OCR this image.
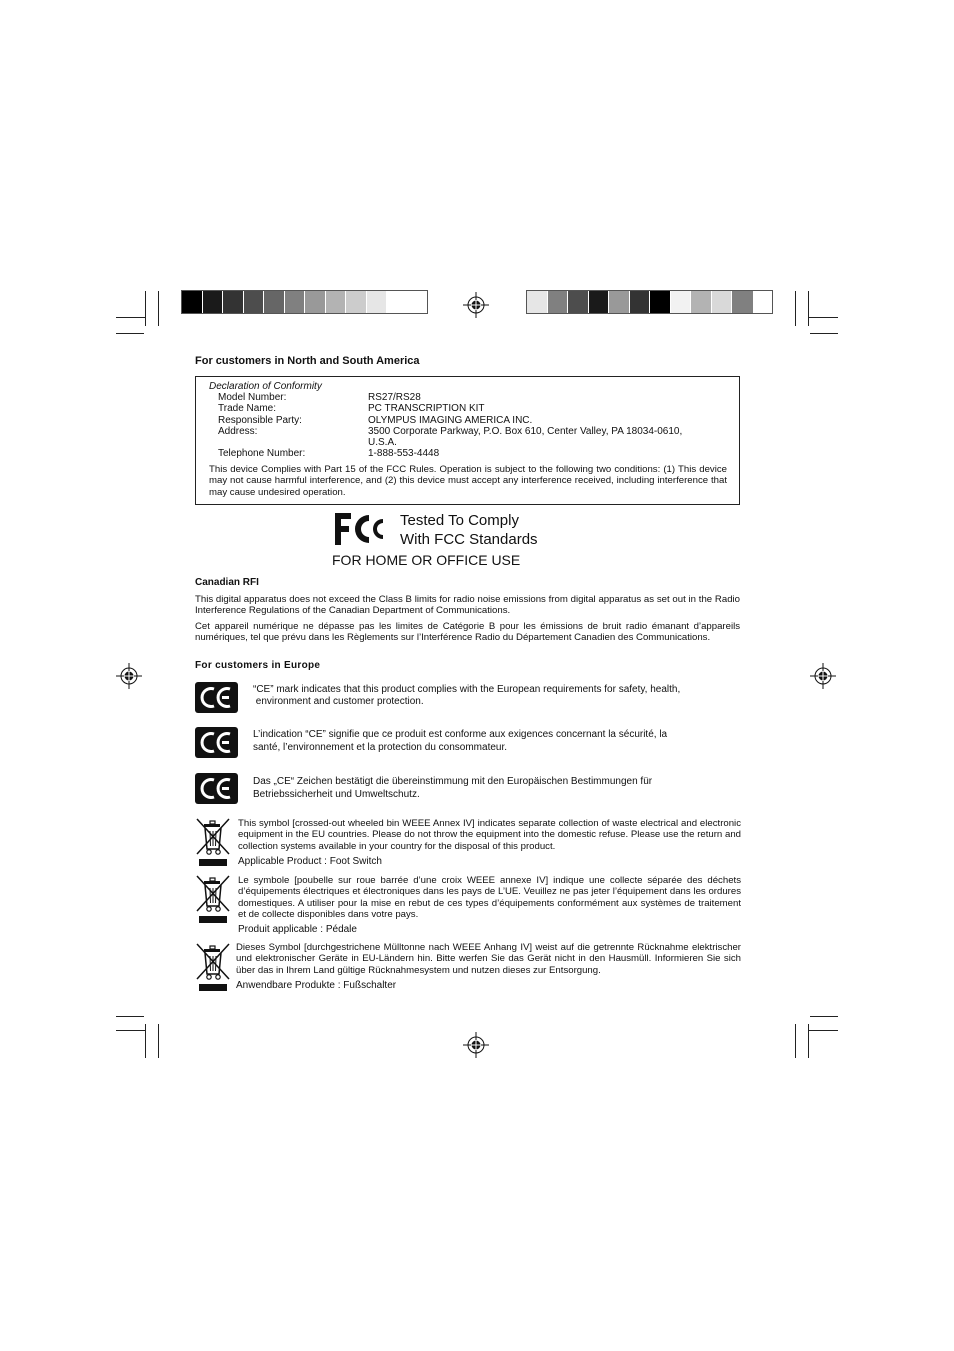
For customers in North and South America
Declaration of Conformity
Model Number:	RS27/RS28
Trade Name:	PC TRANSCRIPTION KIT
Responsible Party:	OLYMPUS IMAGING AMERICA INC.
Address:	3500 Corporate Parkway, P.O. Box 610, Center Valley, PA 18034-0610,
U.S.A.
Telephone Number:	1-888-553-4448
This device Complies with Part 15 of the FCC Rules. Operation is subject to the following two conditions: (1) This device may not cause harmful interference, and (2) this device must accept any interference received, including interference that may cause undesired operation.
Tested To Comply
With FCC Standards
FOR HOME OR OFFICE USE
Canadian RFI
This digital apparatus does not exceed the Class B limits for radio noise emissions from digital apparatus as set out in the Radio Interference Regulations of the Canadian Department of Communications.
Cet appareil numérique ne dépasse pas les limites de Catégorie B pour les émissions de bruit radio émanant d’appareils numériques, tel que prévu dans les Règlements sur l’Interférence Radio du Département Canadien des Communications.
For customers in Europe
“CE” mark indicates that this product complies with the European requirements for safety, health,
environment and customer protection.
L’indication “CE” signifie que ce produit est conforme aux exigences concernant la sécurité, la
santé, l’environnement et la protection du consommateur.
Das „CE“ Zeichen bestätigt die übereinstimmung mit den Europäischen Bestimmungen für
Betriebssicherheit und Umweltschutz.
This symbol [crossed-out wheeled bin WEEE Annex IV] indicates separate collection of waste electrical and electronic equipment in the EU countries. Please do not throw the equipment into the domestic refuse. Please use the return and collection systems available in your country for the disposal of this product.
Applicable Product : Foot Switch
Le symbole [poubelle sur roue barrée d’une croix WEEE annexe IV] indique une collecte séparée des déchets d’équipements électriques et électroniques dans les pays de L’UE. Veuillez ne pas jeter l’équipement dans les ordures domestiques. A utiliser pour la mise en rebut de ces types d’équipements conformément aux systèmes de traitement et de collecte disponibles dans votre pays.
Produit applicable : Pédale
Dieses Symbol [durchgestrichene Mülltonne nach WEEE Anhang IV] weist auf die getrennte Rücknahme elektrischer und elektronischer Geräte in EU-Ländern hin. Bitte werfen Sie das Gerät nicht in den Hausmüll. Informieren Sie sich über das in Ihrem Land gültige Rücknahmesystem und nutzen dieses zur Entsorgung.
Anwendbare Produkte : Fußschalter
